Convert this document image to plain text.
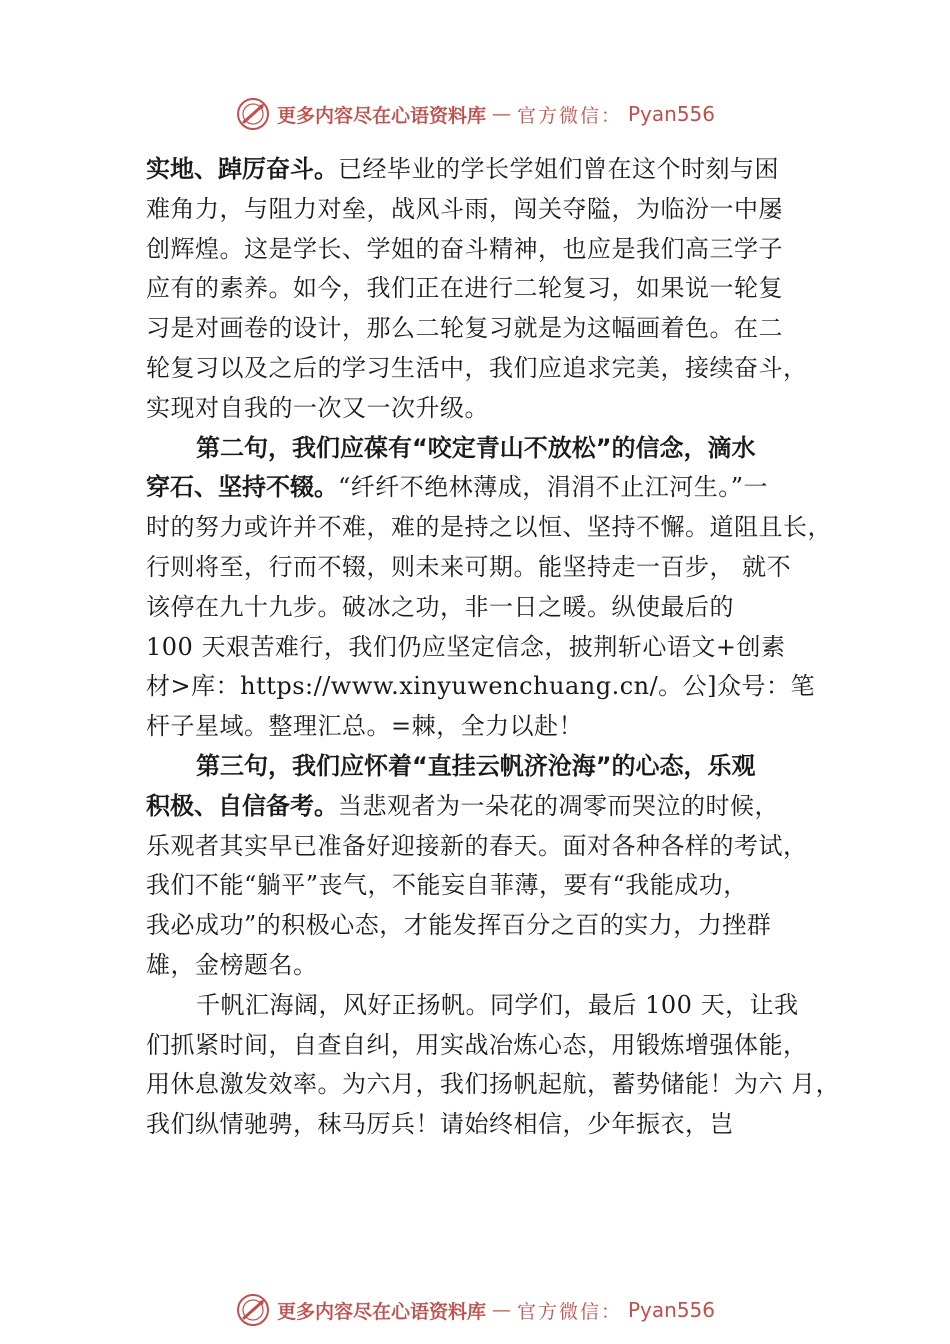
更多内容尽在心语资料库 — 官方微信： Pyan556
实地、踔厉奋斗。已经毕业的学长学姐们曾在这个时刻与困
难角力，与阻力对垒，战风斗雨，闯关夺隘，为临汾一中屡
创辉煌。这是学长、学姐的奋斗精神，也应是我们高三学子
应有的素养。如今，我们正在进行二轮复习，如果说一轮复
习是对画卷的设计，那么二轮复习就是为这幅画着色。在二
轮复习以及之后的学习生活中，我们应追求完美，接续奋斗，
实现对自我的一次又一次升级。
第二句，我们应葆有“咬定青山不放松”的信念，滴水
穿石、坚持不辍。“纤纤不绝林薄成，涓涓不止江河生。”一
时的努力或许并不难，难的是持之以恒、坚持不懈。道阻且长，
行则将至，行而不辍，则未来可期。能坚持走一百步， 就不
该停在九十九步。破冰之功，非一日之暖。纵使最后的
100 天艰苦难行，我们仍应坚定信念，披荆斩心语文+创素
材>库：https://www.xinyuwenchuang.cn/。公]众号：笔
杆子星域。整理汇总。=棘，全力以赴！
第三句，我们应怀着“直挂云帆济沧海”的心态，乐观
积极、自信备考。当悲观者为一朵花的凋零而哭泣的时候，
乐观者其实早已准备好迎接新的春天。面对各种各样的考试，
我们不能“躺平”丧气，不能妄自菲薄，要有“我能成功，
我必成功”的积极心态，才能发挥百分之百的实力，力挫群
雄，金榜题名。
千帆汇海阔，风好正扬帆。同学们，最后 100 天，让我
们抓紧时间，自查自纠，用实战冶炼心态，用锻炼增强体能，
用休息激发效率。为六月，我们扬帆起航，蓄势储能！为六 月，
我们纵情驰骋，秣马厉兵！请始终相信，少年振衣，岂
更多内容尽在心语资料库 — 官方微信： Pyan556
